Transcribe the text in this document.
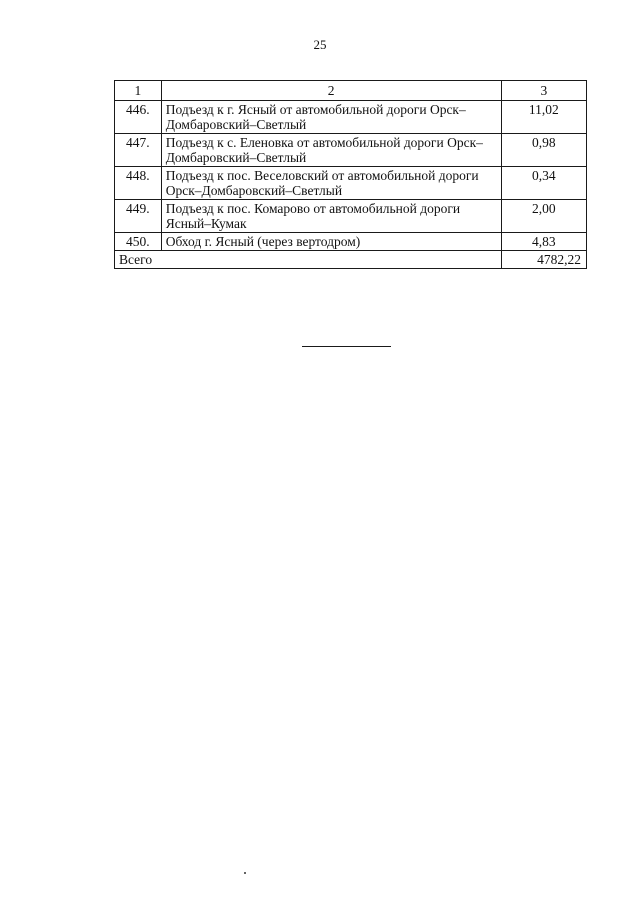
25
1	2	3
446.	Подъезд к г. Ясный от автомобильной дороги Орск–Домбаровский–Светлый	11,02
447.	Подъезд к с. Еленовка от автомобильной дороги Орск–Домбаровский–Светлый	0,98
448.	Подъезд к пос. Веселовский от автомобильной дороги Орск–Домбаровский–Светлый	0,34
449.	Подъезд к пос. Комарово от автомобильной дороги Ясный–Кумак	2,00
450.	Обход г. Ясный (через вертодром)	4,83
Всего		4782,22
